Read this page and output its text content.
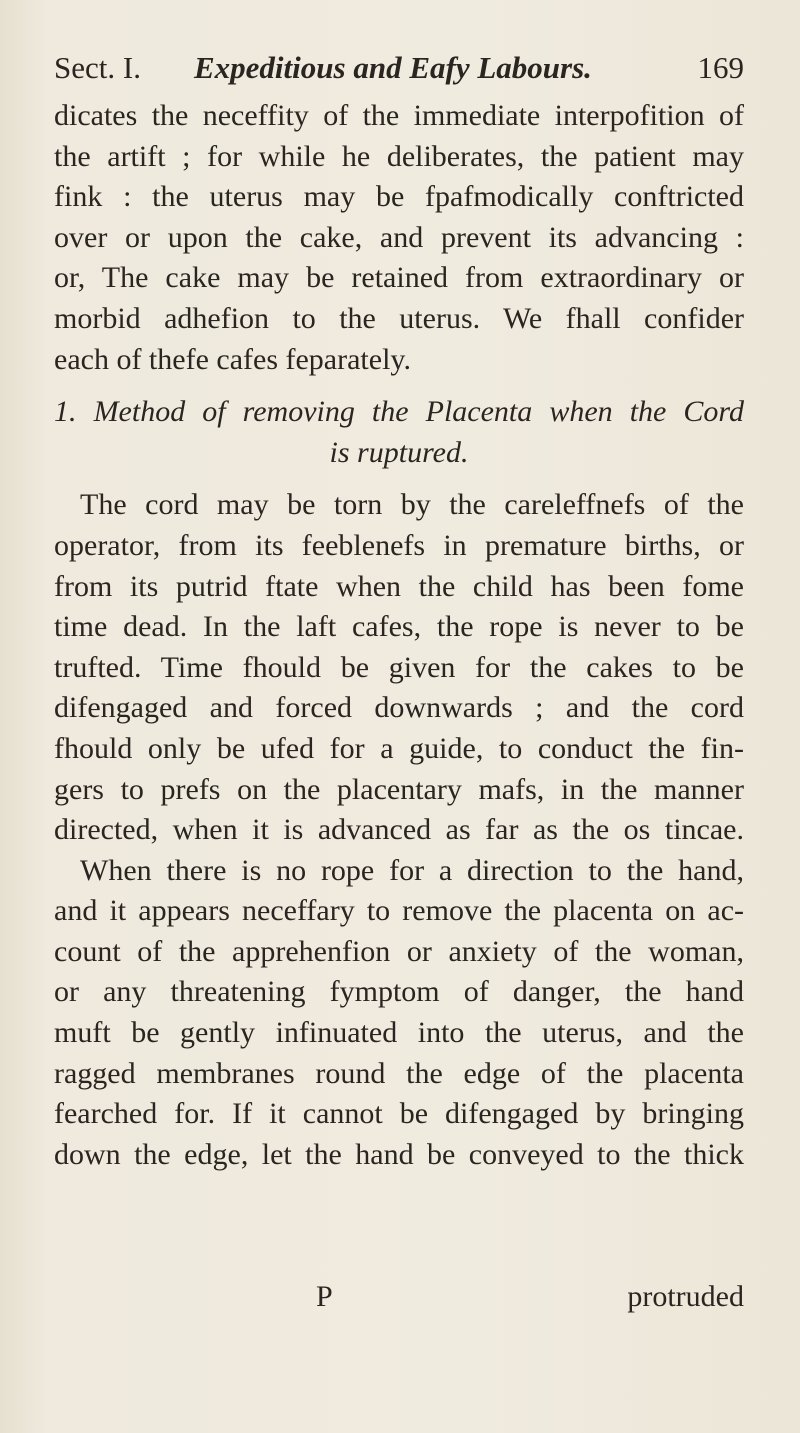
Sect. I. Expeditious and Eafy Labours.	169
dicates the neceffity of the immediate interpofition of
the artift ; for while he deliberates, the patient may
fink : the uterus may be fpafmodically conftricted
over or upon the cake, and prevent its advancing :
or, The cake may be retained from extraordinary or
morbid adhefion to the uterus. We fhall confider
each of thefe cafes feparately.
1. Method of removing the Placenta when the Cord
is ruptured.
The cord may be torn by the careleffnefs of the
operator, from its feeblenefs in premature births, or
from its putrid ftate when the child has been fome
time dead. In the laft cafes, the rope is never to be
trufted. Time fhould be given for the cakes to be
difengaged and forced downwards ; and the cord
fhould only be ufed for a guide, to conduct the fin-
gers to prefs on the placentary mafs, in the manner
directed, when it is advanced as far as the os tincae.
When there is no rope for a direction to the hand,
and it appears neceffary to remove the placenta on ac-
count of the apprehenfion or anxiety of the woman,
or any threatening fymptom of danger, the hand
muft be gently infinuated into the uterus, and the
ragged membranes round the edge of the placenta
fearched for. If it cannot be difengaged by bringing
down the edge, let the hand be conveyed to the thick
P	protruded
